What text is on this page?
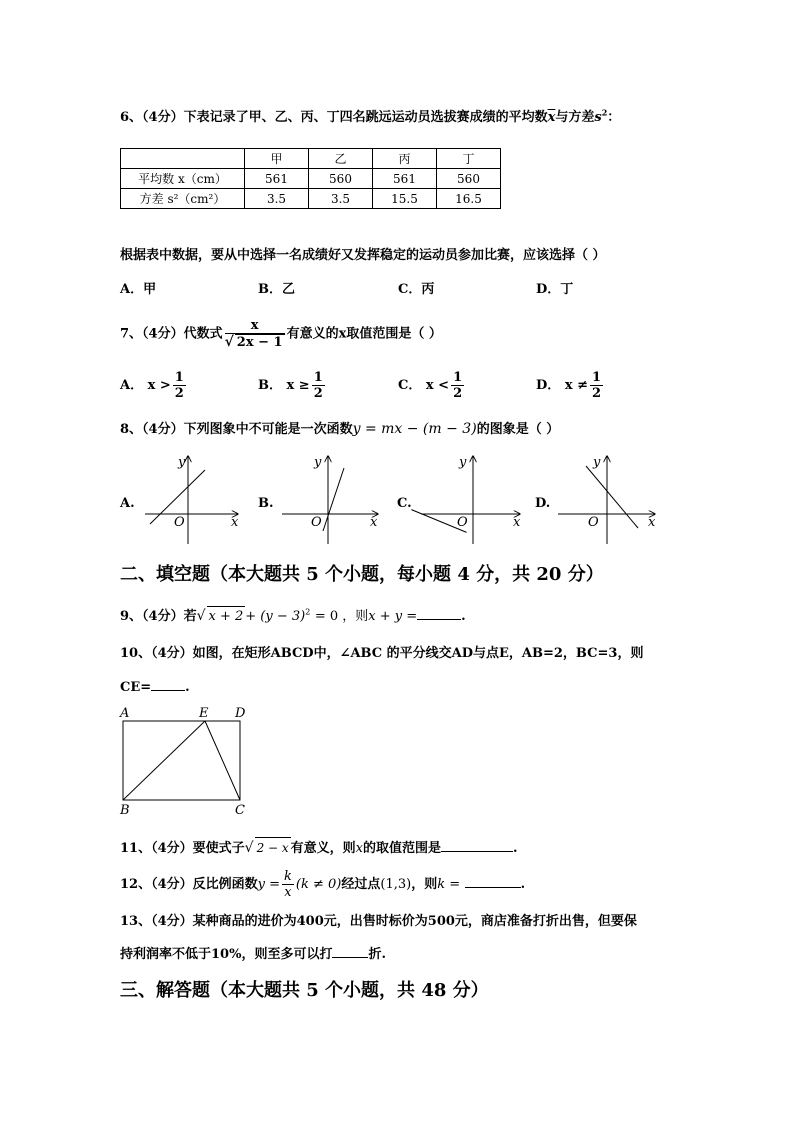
6、（4分）下表记录了甲、乙、丙、丁四名跳远运动员选拔赛成绩的平均数$\overline{x}$与方差$s^2$：
	甲	乙	丙	丁
平均数 x（cm）	561	560	561	560
方差 s²（cm²）	3.5	3.5	15.5	16.5
根据表中数据，要从中选择一名成绩好又发挥稳定的运动员参加比赛，应该选择（ ）
A．甲	B．乙	C．丙	D．丁
7、（4分）代数式 $\frac{x}{√ 2x - 1}$ 有意义的x取值范围是（ ）
A． $x > \frac{1}{2}$	B． $x \ge \frac{1}{2}$	C． $x < \frac{1}{2}$	D． $x \ne \frac{1}{2}$
8、（4分）下列图象中不可能是一次函数y = mx − (m − 3)的图象是（ ）
A.
y
O	x
B.
y
O	x
C.
y
O	x
D.
y
O	x
二、填空题（本大题共 5 个小题，每小题 4 分，共 20 分）
9、（4分）若√ $x + 2 + (y - 3)^2 = 0$ ，则x + y =	.
10、（4分）如图，在矩形ABCD中，∠ABC 的平分线交AD与点E，AB=2，BC=3，则
CE=	.
A	E D
B	C
11、（4分）要使式子√ 2 − x 有意义，则x的取值范围是	.
12、（4分）反比例函数$y = \frac{k}{x} (k \ne 0)$经过点(1,3)，则k =	.
13、（4分）某种商品的进价为400元，出售时标价为500元，商店准备打折出售，但要保
持利润率不低于10%，则至多可以打	折.
三、解答题（本大题共 5 个小题，共 48 分）
